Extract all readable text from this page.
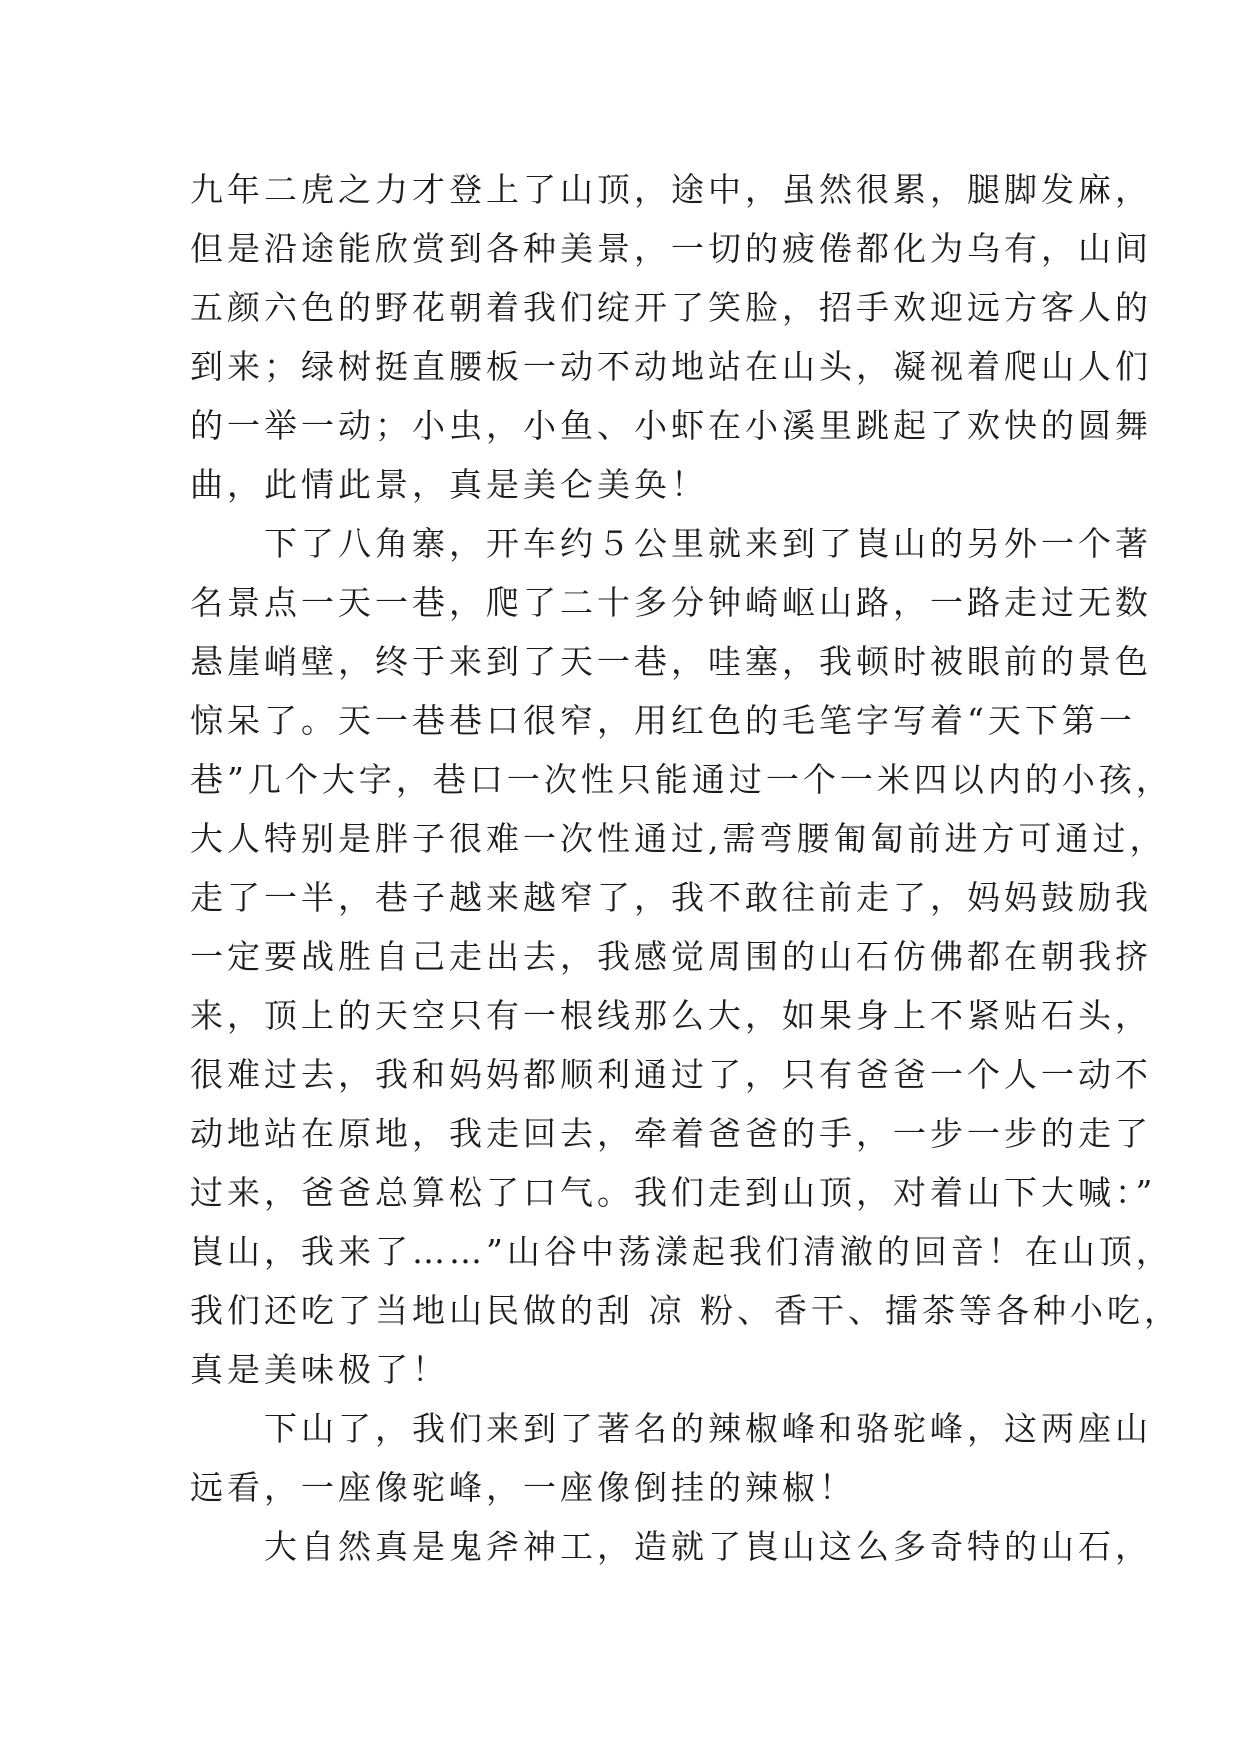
九年二虎之力才登上了山顶，途中，虽然很累，腿脚发麻，
但是沿途能欣赏到各种美景，一切的疲倦都化为乌有，山间
五颜六色的野花朝着我们绽开了笑脸，招手欢迎远方客人的
到来；绿树挺直腰板一动不动地站在山头，凝视着爬山人们
的一举一动；小虫，小鱼、小虾在小溪里跳起了欢快的圆舞
曲，此情此景，真是美仑美奂！
　　下了八角寨，开车约５公里就来到了崀山的另外一个著
名景点一天一巷，爬了二十多分钟崎岖山路，一路走过无数
悬崖峭壁，终于来到了天一巷，哇塞，我顿时被眼前的景色
惊呆了。天一巷巷口很窄，用红色的毛笔字写着“天下第一
巷”几个大字，巷口一次性只能通过一个一米四以内的小孩，
大人特别是胖子很难一次性通过,需弯腰匍匐前进方可通过，
走了一半，巷子越来越窄了，我不敢往前走了，妈妈鼓励我
一定要战胜自己走出去，我感觉周围的山石仿佛都在朝我挤
来，顶上的天空只有一根线那么大，如果身上不紧贴石头，
很难过去，我和妈妈都顺利通过了，只有爸爸一个人一动不
动地站在原地，我走回去，牵着爸爸的手，一步一步的走了
过来，爸爸总算松了口气。我们走到山顶，对着山下大喊：”
崀山，我来了……”山谷中荡漾起我们清澈的回音！在山顶，
我们还吃了当地山民做的刮 凉 粉、香干、擂茶等各种小吃，
真是美味极了！
　　下山了，我们来到了著名的辣椒峰和骆驼峰，这两座山
远看，一座像驼峰，一座像倒挂的辣椒！
　　大自然真是鬼斧神工，造就了崀山这么多奇特的山石，
